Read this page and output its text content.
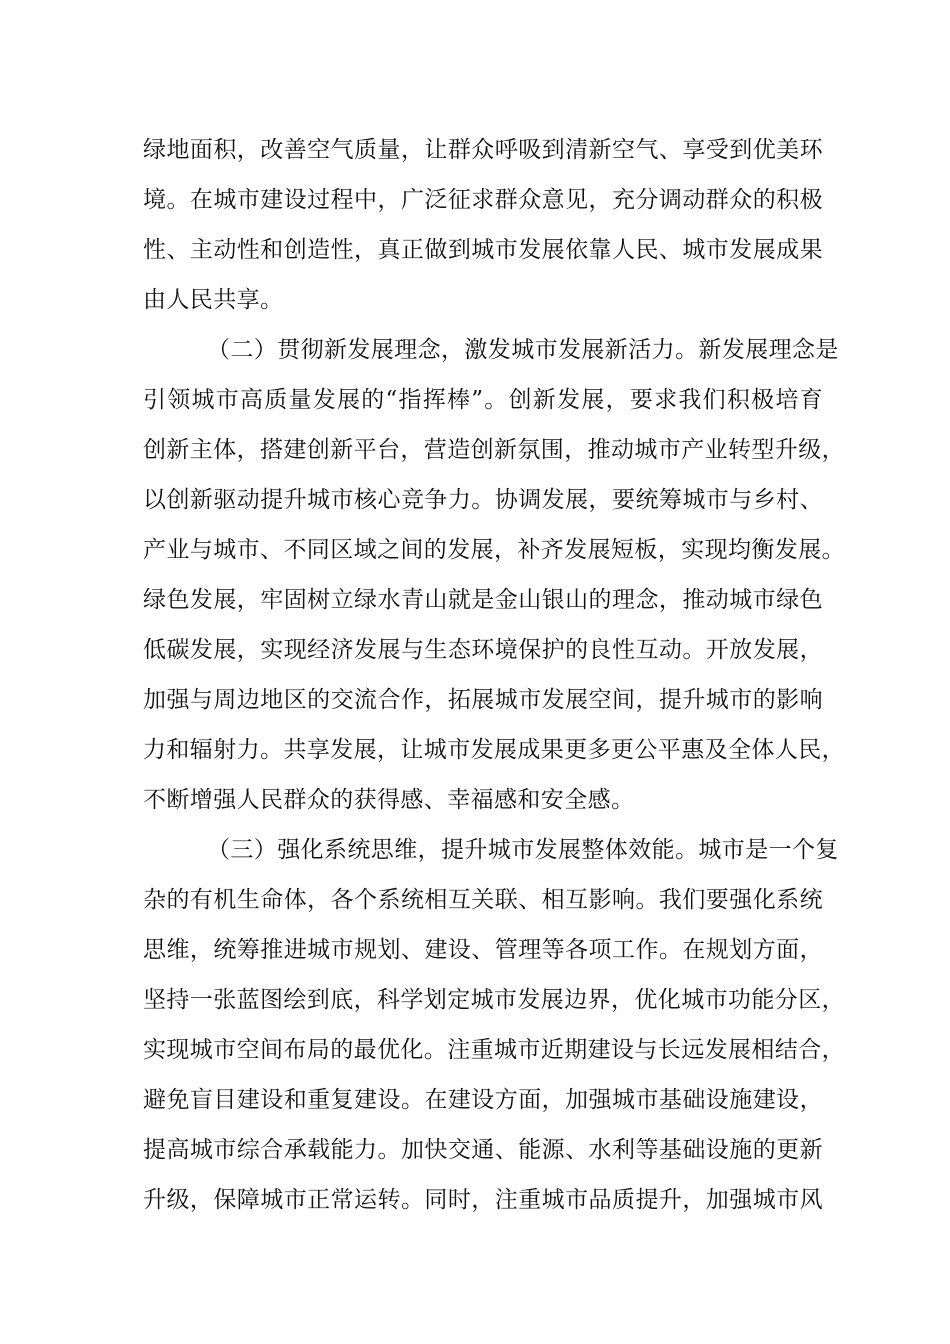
绿地面积，改善空气质量，让群众呼吸到清新空气、享受到优美环
境。在城市建设过程中，广泛征求群众意见，充分调动群众的积极
性、主动性和创造性，真正做到城市发展依靠人民、城市发展成果
由人民共享。
（二）贯彻新发展理念，激发城市发展新活力。新发展理念是
引领城市高质量发展的“指挥棒”。创新发展，要求我们积极培育
创新主体，搭建创新平台，营造创新氛围，推动城市产业转型升级，
以创新驱动提升城市核心竞争力。协调发展，要统筹城市与乡村、
产业与城市、不同区域之间的发展，补齐发展短板，实现均衡发展。
绿色发展，牢固树立绿水青山就是金山银山的理念，推动城市绿色
低碳发展，实现经济发展与生态环境保护的良性互动。开放发展，
加强与周边地区的交流合作，拓展城市发展空间，提升城市的影响
力和辐射力。共享发展，让城市发展成果更多更公平惠及全体人民，
不断增强人民群众的获得感、幸福感和安全感。
（三）强化系统思维，提升城市发展整体效能。城市是一个复
杂的有机生命体，各个系统相互关联、相互影响。我们要强化系统
思维，统筹推进城市规划、建设、管理等各项工作。在规划方面，
坚持一张蓝图绘到底，科学划定城市发展边界，优化城市功能分区，
实现城市空间布局的最优化。注重城市近期建设与长远发展相结合，
避免盲目建设和重复建设。在建设方面，加强城市基础设施建设，
提高城市综合承载能力。加快交通、能源、水利等基础设施的更新
升级，保障城市正常运转。同时，注重城市品质提升，加强城市风
